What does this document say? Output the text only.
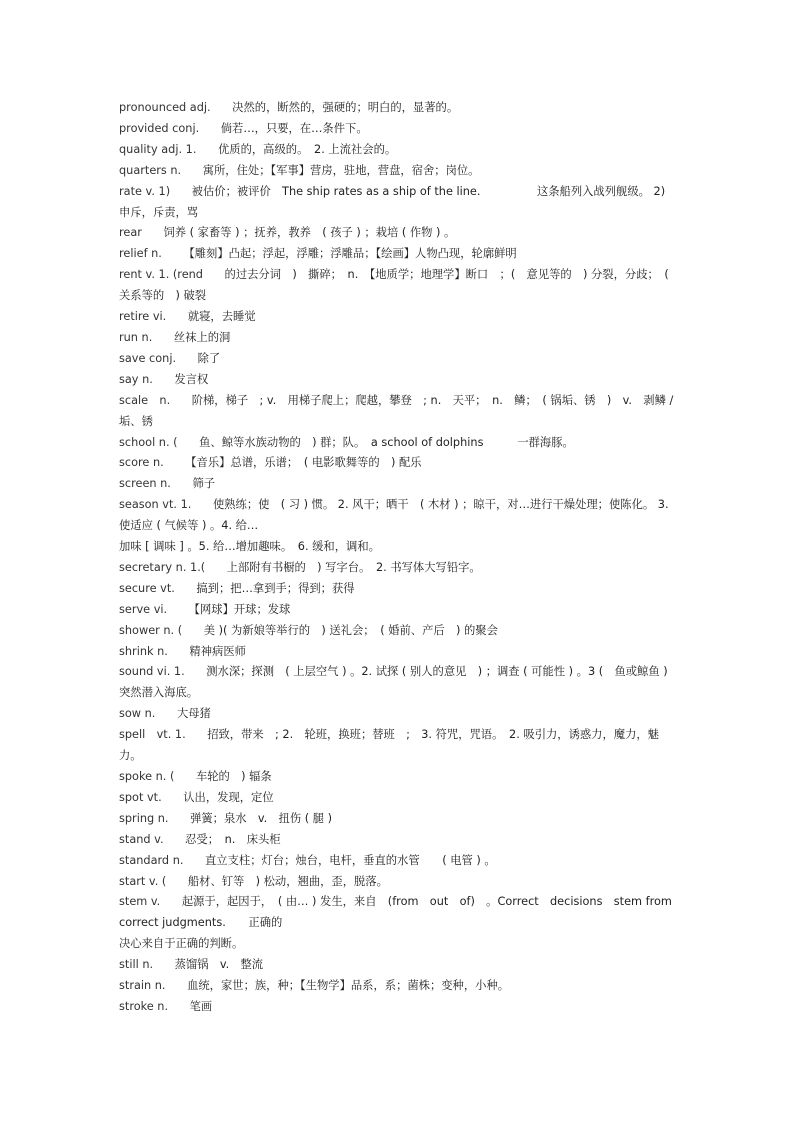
pronounced adj. 决然的，断然的，强硬的；明白的，显著的。

provided conj. 倘若…，只要，在…条件下。

quality adj. 1. 优质的，高级的。　2. 上流社会的。

quarters n. 寓所，住处；【军事】营房，驻地，营盘，宿舍；岗位。

rate v. 1) 被估价；被评价　The ship rates as a ship of the line.　　　　　这条船列入战列舰级。 2)　申斥，斥责，骂

rear 饲养 ( 家畜等 ) ；抚养，教养　( 孩子 ) ；栽培 ( 作物 ) 。

relief n. 【雕刻】凸起；浮起，浮雕；浮雕品；【绘画】人物凸现，轮廓鲜明

rent v. 1. (rend 的过去分词　)　撕碎；　n.　【地质学；地理学】断口　；(　意见等的　) 分裂，分歧；　( 关系等的　) 破裂

retire vi. 就寝，去睡觉

run n. 丝袜上的洞

save conj. 除了

say n. 发言权

scale　n. 阶梯，梯子　; v.　用梯子爬上；爬越，攀登　; n.　天平；　n.　鳞；　( 锅垢、锈　)　v.　剥鳞 / 垢、锈

school n. ( 鱼、鲸等水族动物的　) 群；队。　a school of dolphins　　　一群海豚。

score n. 【音乐】总谱，乐谱；　( 电影歌舞等的　) 配乐

screen n. 筛子

season vt. 1. 使熟练；使　( 习 ) 惯。 2. 风干；晒干　( 木材 ) ；晾干，对…进行干燥处理；使陈化。 3. 使适应 ( 气候等 ) 。4. 给…

加味 [ 调味 ] 。5. 给…增加趣味。　6. 缓和，调和。

secretary n. 1.( 上部附有书橱的　) 写字台。　2. 书写体大写铅字。

secure vt. 搞到；把…拿到手；得到；获得

serve vi. 【网球】开球；发球

shower n. ( 美 )( 为新娘等举行的　) 送礼会；　( 婚前、产后　) 的聚会

shrink n. 精神病医师

sound vi. 1. 测水深；探测　( 上层空气 ) 。2. 试探 ( 别人的意见　) ；调查 ( 可能性 ) 。3 (　鱼或鲸鱼 ) 突然潜入海底。

sow n. 大母猪

spell　vt. 1. 招致，带来　; 2.　轮班，换班；替班　;　3. 符咒，咒语。　2. 吸引力，诱惑力，魔力，魅力。

spoke n. ( 车轮的　) 辐条

spot vt. 认出，发现，定位

spring n. 弹簧；泉水　v.　扭伤 ( 腿 )

stand v. 忍受；　n.　床头柜

standard n. 直立支柱；灯台；烛台，电杆，垂直的水管　　( 电管 ) 。

start v. ( 船材、钉等　) 松动，翘曲，歪，脱落。

stem v. 起源于，起因于，　( 由… ) 发生，来自　(from　out　of)　。Correct　decisions　stem from correct judgments.　　正确的

决心来自于正确的判断。

still n. 蒸馏锅　v.　整流

strain n. 血统，家世；族，种；【生物学】品系，系；菌株；变种，小种。

stroke n. 笔画
